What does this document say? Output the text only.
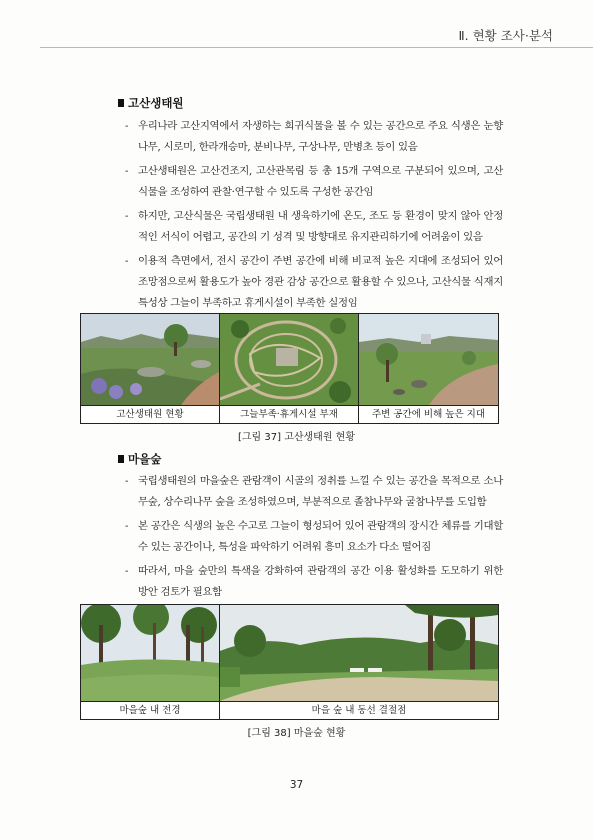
Ⅱ. 현황 조사·분석
고산생태원
- 우리나라 고산지역에서 자생하는 희귀식물을 볼 수 있는 공간으로 주요 식생은 눈향나무, 시로미, 한라개승마, 분비나무, 구상나무, 만병초 등이 있음
- 고산생태원은 고산건조지, 고산관목림 등 총 15개 구역으로 구분되어 있으며, 고산식물을 조성하여 관찰·연구할 수 있도록 구성한 공간임
- 하지만, 고산식물은 국립생태원 내 생육하기에 온도, 조도 등 환경이 맞지 않아 안정적인 서식이 어렵고, 공간의 기 성격 및 방향대로 유지관리하기에 어려움이 있음
- 이용적 측면에서, 전시 공간이 주변 공간에 비해 비교적 높은 지대에 조성되어 있어 조망점으로써 활용도가 높아 경관 감상 공간으로 활용할 수 있으나, 고산식물 식재지 특성상 그늘이 부족하고 휴게시설이 부족한 실정임
고산생태원 현황	그늘부족·휴게시설 부재	주변 공간에 비해 높은 지대
[그림 37] 고산생태원 현황
마을숲
- 국립생태원의 마을숲은 관람객이 시골의 정취를 느낄 수 있는 공간을 목적으로 소나무숲, 상수리나무 숲을 조성하였으며, 부분적으로 졸참나무와 굴참나무를 도입함
- 본 공간은 식생의 높은 수고로 그늘이 형성되어 있어 관람객의 장시간 체류를 기대할 수 있는 공간이나, 특성을 파악하기 어려워 흥미 요소가 다소 떨어짐
- 따라서, 마을 숲만의 특색을 강화하여 관람객의 공간 이용 활성화를 도모하기 위한 방안 검토가 필요함
마을숲 내 전경	마을 숲 내 동선 결절점
[그림 38] 마을숲 현황
37
